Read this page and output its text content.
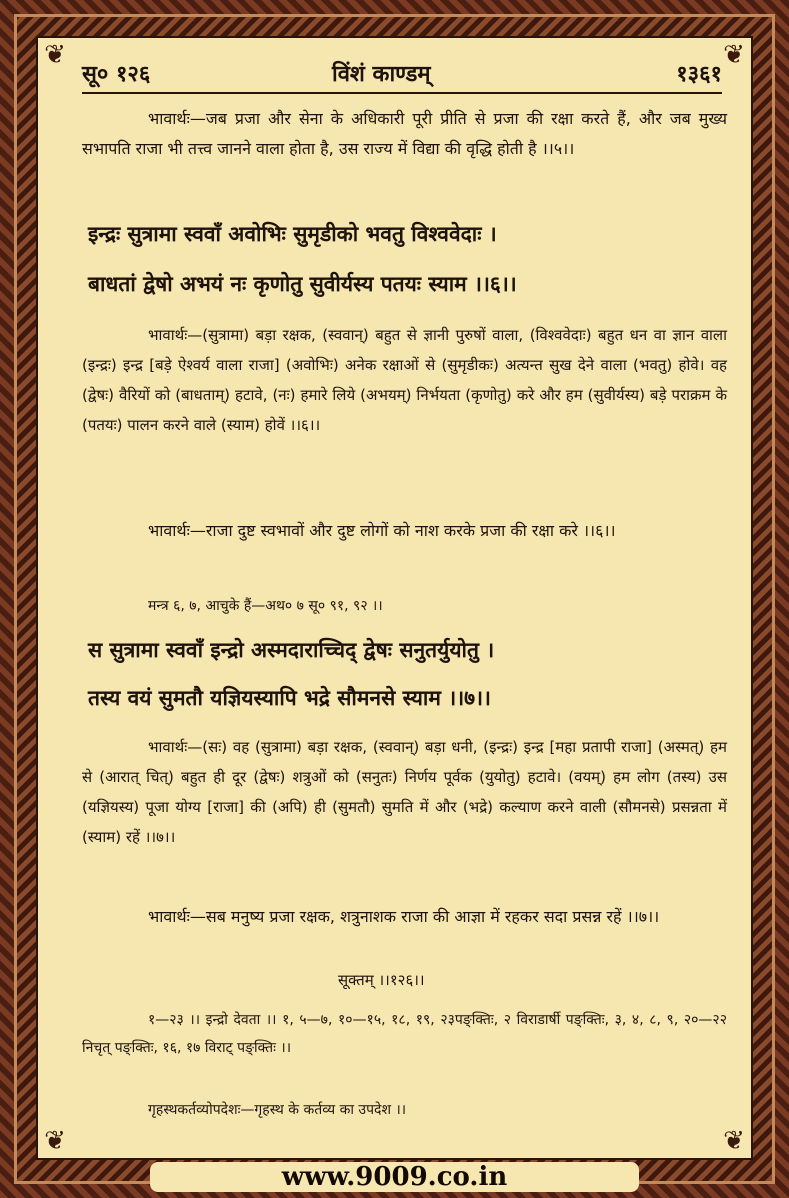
❦	❦
❦	❦
सू० १२६	विंशं काण्डम्	१३६१
भावार्थः—जब प्रजा और सेना के अधिकारी पूरी प्रीति से प्रजा की रक्षा करते हैं, और जब मुख्य सभापति राजा भी तत्त्व जानने वाला होता है, उस राज्य में विद्या की वृद्धि होती है ।।५।।
इन्द्रः सुत्रामा स्ववाँ अवोभिः सुमृडीको भवतु विश्ववेदाः ।
बाधतां द्वेषो अभयं नः कृणोतु सुवीर्यस्य पतयः स्याम ।।६।।
भावार्थः—(सुत्रामा) बड़ा रक्षक, (स्ववान्) बहुत से ज्ञानी पुरुषों वाला, (विश्ववेदाः) बहुत धन वा ज्ञान वाला (इन्द्रः) इन्द्र [बड़े ऐश्वर्य वाला राजा] (अवोभिः) अनेक रक्षाओं से (सुमृडीकः) अत्यन्त सुख देने वाला (भवतु) होवे। वह (द्वेषः) वैरियों को (बाधताम्) हटावे, (नः) हमारे लिये (अभयम्) निर्भयता (कृणोतु) करे और हम (सुवीर्यस्य) बड़े पराक्रम के (पतयः) पालन करने वाले (स्याम) होवें ।।६।।
भावार्थः—राजा दुष्ट स्वभावों और दुष्ट लोगों को नाश करके प्रजा की रक्षा करे ।।६।।
मन्त्र ६, ७, आचुके हैं—अथ० ७ सू० ९१, ९२ ।।
स सुत्रामा स्ववाँ इन्द्रो अस्मदाराच्चिद् द्वेषः सनुतर्युयोतु ।
तस्य वयं सुमतौ यज्ञियस्यापि भद्रे सौमनसे स्याम ।।७।।
भावार्थः—(सः) वह (सुत्रामा) बड़ा रक्षक, (स्ववान्) बड़ा धनी, (इन्द्रः) इन्द्र [महा प्रतापी राजा] (अस्मत्) हम से (आरात् चित्) बहुत ही दूर (द्वेषः) शत्रुओं को (सनुतः) निर्णय पूर्वक (युयोतु) हटावे। (वयम्) हम लोग (तस्य) उस (यज्ञियस्य) पूजा योग्य [राजा] की (अपि) ही (सुमतौ) सुमति में और (भद्रे) कल्याण करने वाली (सौमनसे) प्रसन्नता में (स्याम) रहें ।।७।।
भावार्थः—सब मनुष्य प्रजा रक्षक, शत्रुनाशक राजा की आज्ञा में रहकर सदा प्रसन्न रहें ।।७।।
सूक्तम् ।।१२६।।
१—२३ ।। इन्द्रो देवता ।। १, ५—७, १०—१५, १८, १९, २३पङ्क्तिः, २ विराडार्षी पङ्क्तिः, ३, ४, ८, ९, २०—२२ निचृत् पङ्क्तिः, १६, १७ विराट् पङ्क्तिः ।।
गृहस्थकर्तव्योपदेशः—गृहस्थ के कर्तव्य का उपदेश ।।
www.9009.co.in
